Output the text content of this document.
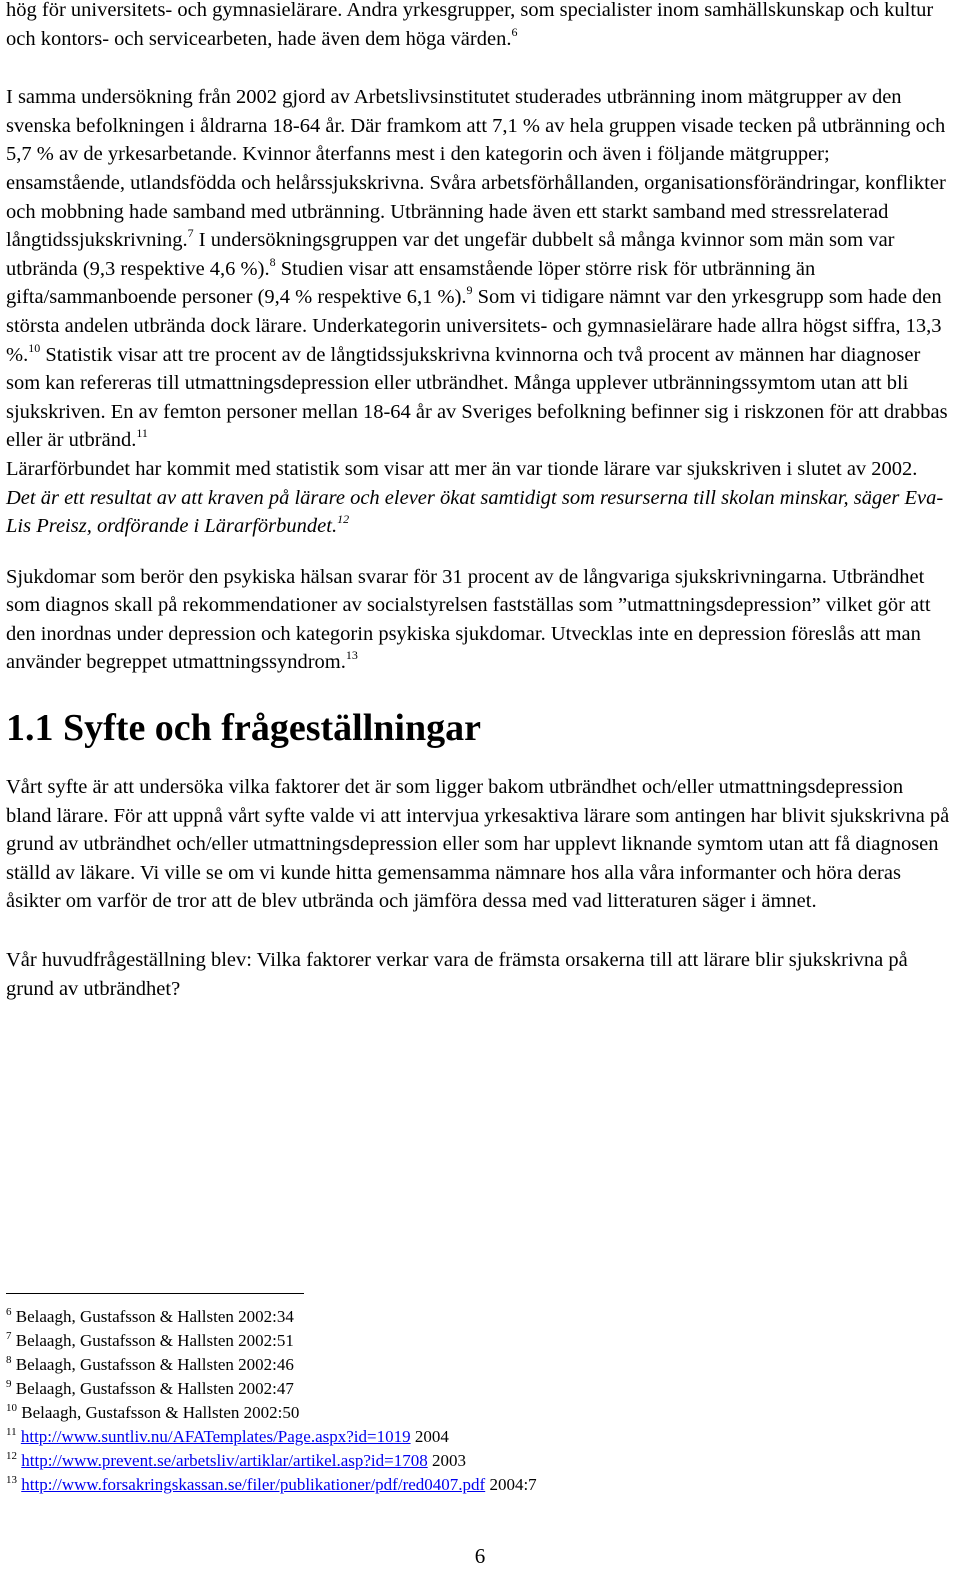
hög för universitets- och gymnasielärare. Andra yrkesgrupper, som specialister inom samhällskunskap och kultur och kontors- och servicearbeten, hade även dem höga värden.$^6$

I samma undersökning från 2002 gjord av Arbetslivsinstitutet studerades utbränning inom mätgrupper av den svenska befolkningen i åldrarna 18-64 år. Där framkom att 7,1 % av hela gruppen visade tecken på utbränning och 5,7 % av de yrkesarbetande. Kvinnor återfanns mest i den kategorin och även i följande mätgrupper; ensamstående, utlandsfödda och helårssjukskrivna. Svåra arbetsförhållanden, organisationsförändringar, konflikter och mobbning hade samband med utbränning. Utbränning hade även ett starkt samband med stressrelaterad långtidssjukskrivning.$^7$ I undersökningsgruppen var det ungefär dubbelt så många kvinnor som män som var utbrända (9,3 respektive 4,6 %).$^8$ Studien visar att ensamstående löper större risk för utbränning än gifta/sammanboende personer (9,4 % respektive 6,1 %).$^9$ Som vi tidigare nämnt var den yrkesgrupp som hade den största andelen utbrända dock lärare. Underkategorin universitets- och gymnasielärare hade allra högst siffra, 13,3 %.$^{10}$ Statistik visar att tre procent av de långtidssjukskrivna kvinnorna och två procent av männen har diagnoser som kan refereras till utmattningsdepression eller utbrändhet. Många upplever utbränningssymtom utan att bli sjukskriven. En av femton personer mellan 18-64 år av Sveriges befolkning befinner sig i riskzonen för att drabbas eller är utbränd.$^{11}$

Lärarförbundet har kommit med statistik som visar att mer än var tionde lärare var sjukskriven i slutet av 2002. Det är ett resultat av att kraven på lärare och elever ökat samtidigt som resurserna till skolan minskar, säger Eva-Lis Preisz, ordförande i Lärarförbundet.$^{12}$

Sjukdomar som berör den psykiska hälsan svarar för 31 procent av de långvariga sjukskrivningarna. Utbrändhet som diagnos skall på rekommendationer av socialstyrelsen fastställas som ”utmattningsdepression” vilket gör att den inordnas under depression och kategorin psykiska sjukdomar. Utvecklas inte en depression föreslås att man använder begreppet utmattningssyndrom.$^{13}$

1.1 Syfte och frågeställningar

Vårt syfte är att undersöka vilka faktorer det är som ligger bakom utbrändhet och/eller utmattningsdepression bland lärare. För att uppnå vårt syfte valde vi att intervjua yrkesaktiva lärare som antingen har blivit sjukskrivna på grund av utbrändhet och/eller utmattningsdepression eller som har upplevt liknande symtom utan att få diagnosen ställd av läkare. Vi ville se om vi kunde hitta gemensamma nämnare hos alla våra informanter och höra deras åsikter om varför de tror att de blev utbrända och jämföra dessa med vad litteraturen säger i ämnet.

Vår huvudfrågeställning blev: Vilka faktorer verkar vara de främsta orsakerna till att lärare blir sjukskrivna på grund av utbrändhet?

$^6$ Belaagh, Gustafsson & Hallsten 2002:34

$^7$ Belaagh, Gustafsson & Hallsten 2002:51

$^8$ Belaagh, Gustafsson & Hallsten 2002:46

$^9$ Belaagh, Gustafsson & Hallsten 2002:47

$^{10}$ Belaagh, Gustafsson & Hallsten 2002:50

$^{11}$ http://www.suntliv.nu/AFATemplates/Page.aspx?id=1019 2004

$^{12}$ http://www.prevent.se/arbetsliv/artiklar/artikel.asp?id=1708 2003

$^{13}$ http://www.forsakringskassan.se/filer/publikationer/pdf/red0407.pdf 2004:7

6
